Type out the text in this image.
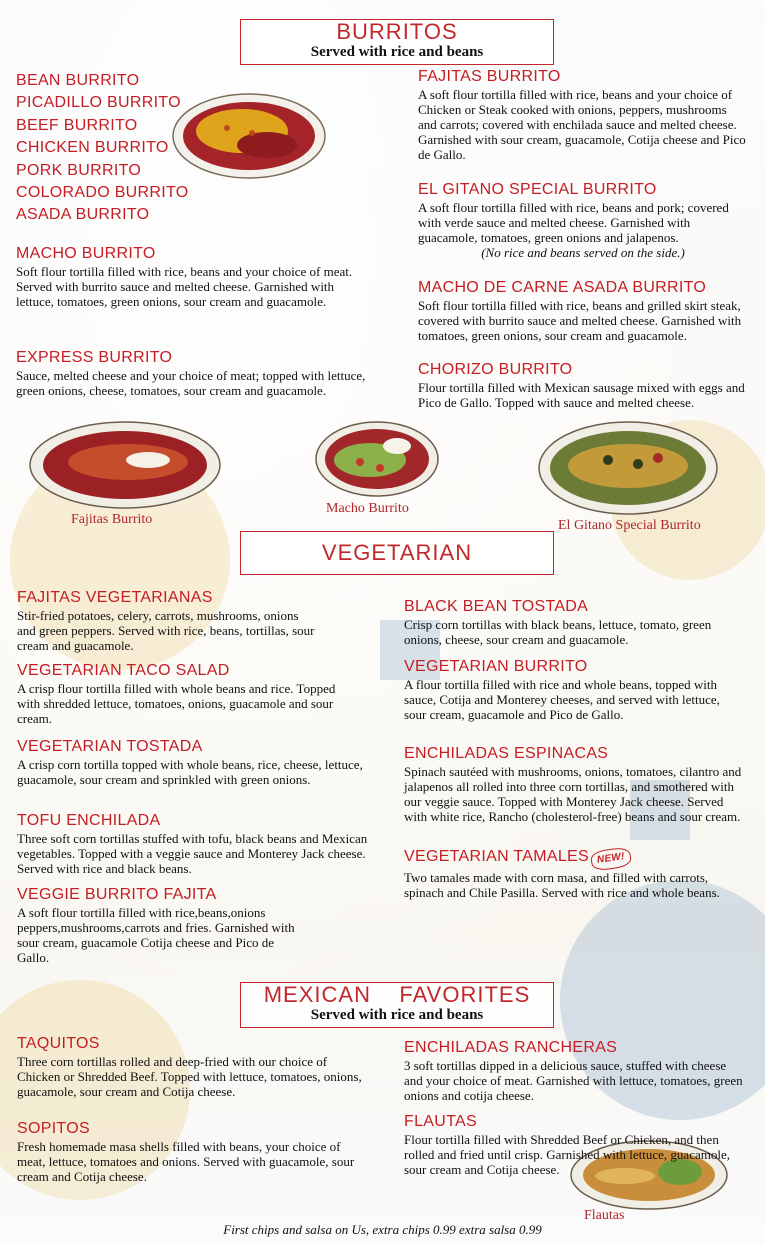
BURRITOS
Served with rice and beans
BEAN BURRITO
PICADILLO BURRITO
BEEF BURRITO
CHICKEN BURRITO
PORK BURRITO
COLORADO BURRITO
ASADA BURRITO
MACHO BURRITO
Soft flour tortilla filled with rice, beans and your choice of meat. Served with burrito sauce and melted cheese. Garnished with lettuce, tomatoes, green onions, sour cream and guacamole.
EXPRESS BURRITO
Sauce, melted cheese and your choice of meat; topped with lettuce, green onions, cheese, tomatoes, sour cream and guacamole.
FAJITAS BURRITO
A soft flour tortilla filled with rice, beans and your choice of Chicken or Steak cooked with onions, peppers, mushrooms and carrots; covered with enchilada sauce and melted cheese. Garnished with sour cream, guacamole, Cotija cheese and Pico de Gallo.
EL GITANO SPECIAL BURRITO
A soft flour tortilla filled with rice, beans and pork; covered with verde sauce and melted cheese. Garnished with guacamole, tomatoes, green onions and jalapenos.
(No rice and beans served on the side.)
MACHO DE CARNE ASADA BURRITO
Soft flour tortilla filled with rice, beans and grilled skirt steak, covered with burrito sauce and melted cheese. Garnished with tomatoes, green onions, sour cream and guacamole.
CHORIZO BURRITO
Flour tortilla filled with Mexican sausage mixed with eggs and Pico de Gallo. Topped with sauce and melted cheese.
Fajitas Burrito
Macho Burrito
El Gitano Special Burrito
VEGETARIAN
FAJITAS VEGETARIANAS
Stir-fried potatoes, celery, carrots, mushrooms, onions and green peppers. Served with rice, beans, tortillas, sour cream and guacamole.
VEGETARIAN TACO SALAD
A crisp flour tortilla filled with whole beans and rice. Topped with shredded lettuce, tomatoes, onions, guacamole and sour cream.
VEGETARIAN TOSTADA
A crisp corn tortilla topped with whole beans, rice, cheese, lettuce, guacamole, sour cream and sprinkled with green onions.
TOFU ENCHILADA
Three soft corn tortillas stuffed with tofu, black beans and Mexican vegetables. Topped with a veggie sauce and Monterey Jack cheese. Served with rice and black beans.
VEGGIE BURRITO FAJITA
A soft flour tortilla filled with rice,beans,onions peppers,mushrooms,carrots and fries. Garnished with sour cream, guacamole Cotija cheese and Pico de Gallo.
BLACK BEAN TOSTADA
Crisp corn tortillas with black beans, lettuce, tomato, green onions, cheese, sour cream and guacamole.
VEGETARIAN BURRITO
A flour tortilla filled with rice and whole beans, topped with sauce, Cotija and Monterey cheeses, and served with lettuce, sour cream, guacamole and Pico de Gallo.
ENCHILADAS ESPINACAS
Spinach sautéed with mushrooms, onions, tomatoes, cilantro and jalapenos all rolled into three corn tortillas, and smothered with our veggie sauce. Topped with Monterey Jack cheese. Served with white rice, Rancho (cholesterol-free) beans and sour cream.
VEGETARIAN TAMALES NEW!
Two tamales made with corn masa, and filled with carrots, spinach and Chile Pasilla. Served with rice and whole beans.
MEXICAN    FAVORITES
Served with rice and beans
TAQUITOS
Three corn tortillas rolled and deep-fried with our choice of Chicken or Shredded Beef. Topped with lettuce, tomatoes, onions, guacamole, sour cream and Cotija cheese.
SOPITOS
Fresh homemade masa shells filled with beans, your choice of meat, lettuce, tomatoes and onions. Served with guacamole, sour cream and Cotija cheese.
ENCHILADAS RANCHERAS
3 soft tortillas dipped in a delicious sauce, stuffed with cheese and your choice of meat. Garnished with lettuce, tomatoes, green onions and cotija cheese.
FLAUTAS
Flour tortilla filled with Shredded Beef or Chicken, and then rolled and fried until crisp. Garnished with lettuce, guacamole, sour cream and Cotija cheese.
Flautas
First chips and salsa on Us, extra chips 0.99 extra salsa 0.99
